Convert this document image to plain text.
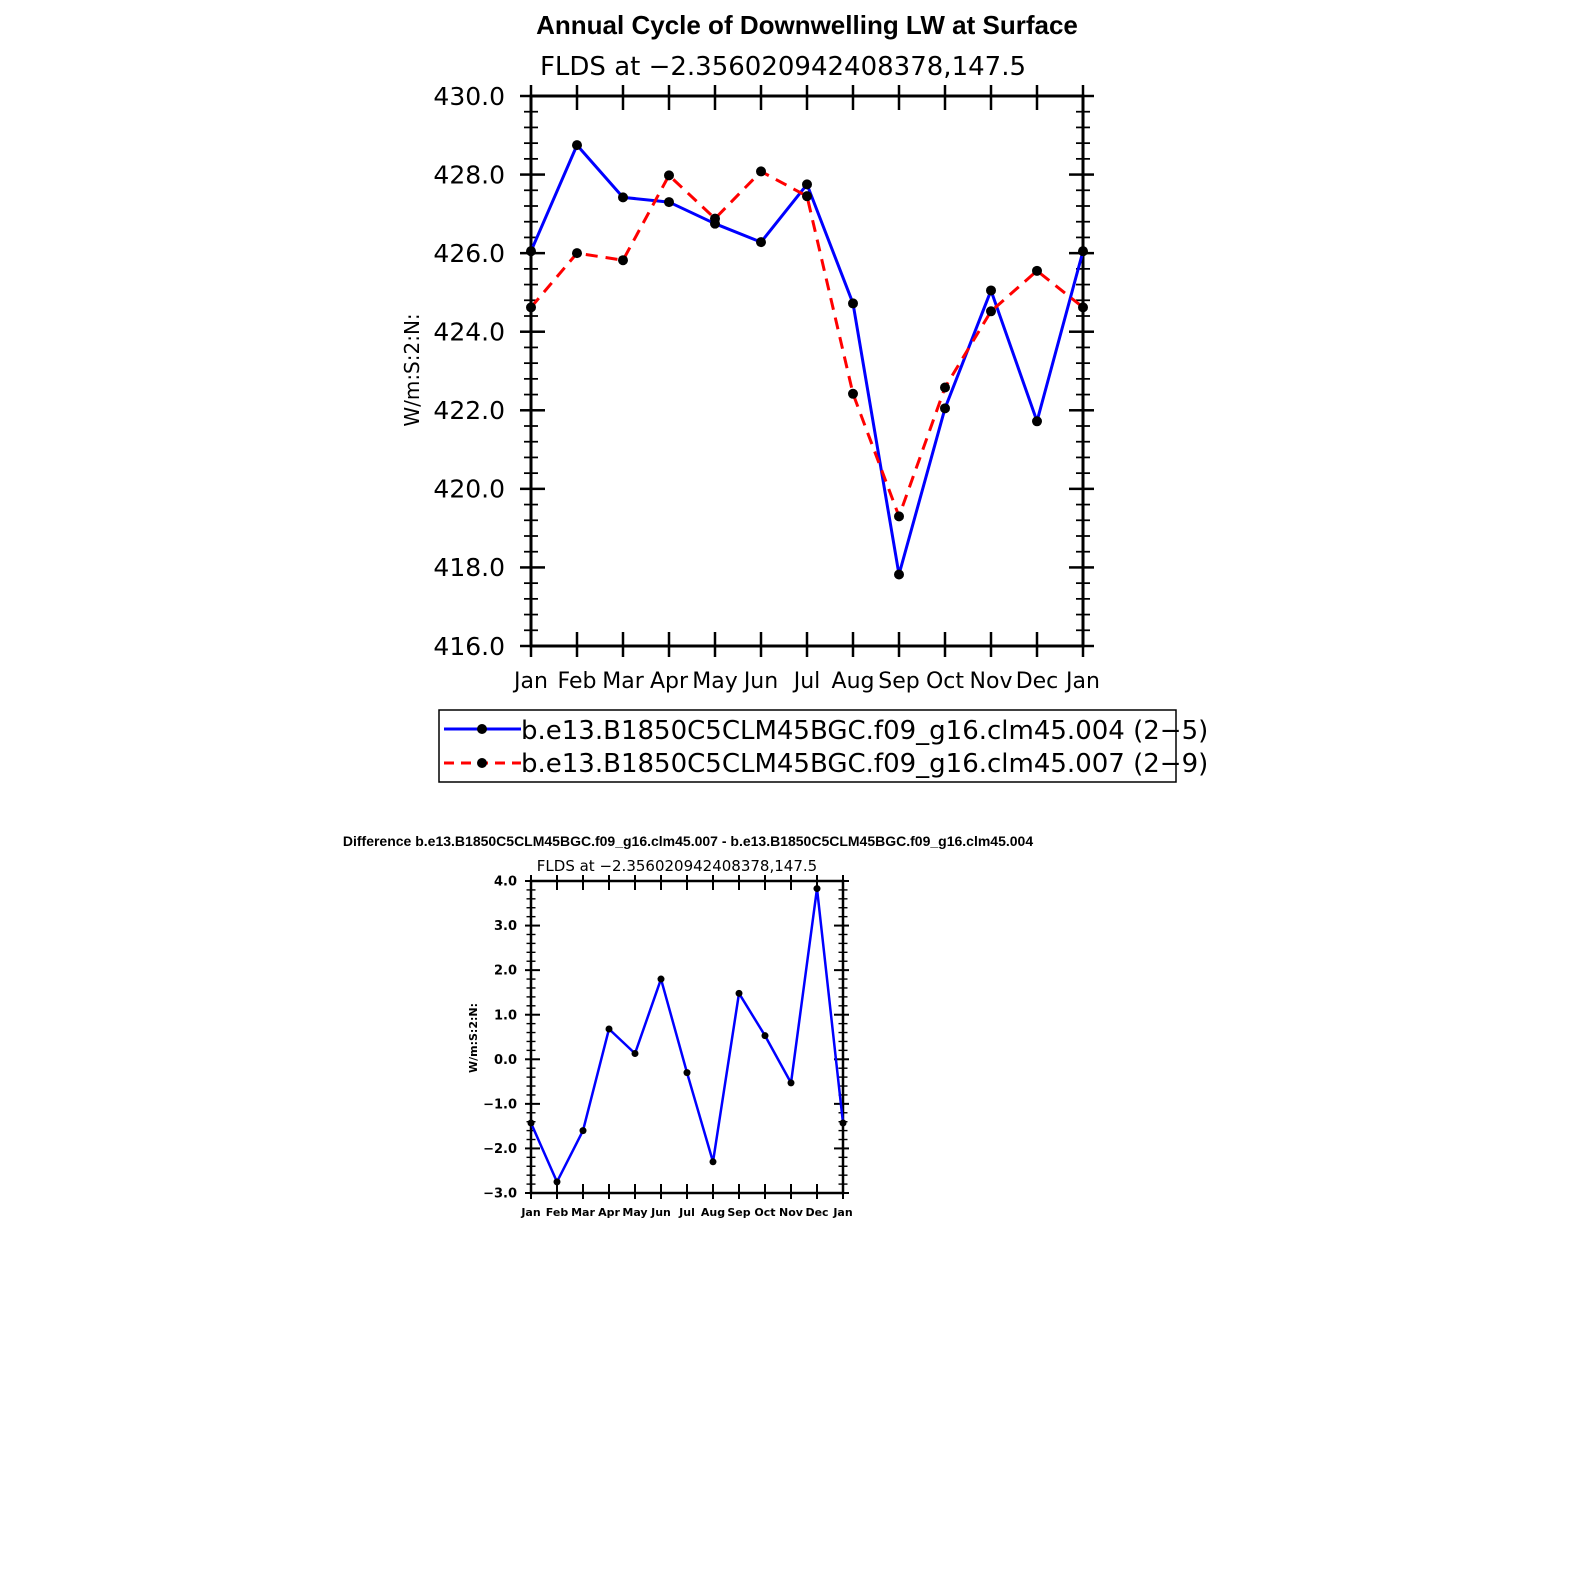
Annual Cycle of Downwelling LW at Surface
FLDS at −2.356020942408378,147.5
W/m:S:2:N:
Jan Feb Mar Apr May Jun Jul Aug Sep Oct Nov Dec Jan
416.0
418.0
420.0
422.0
424.0
426.0
428.0
430.0
b.e13.B1850C5CLM45BGC.f09_g16.clm45.004 (2−5)
b.e13.B1850C5CLM45BGC.f09_g16.clm45.007 (2−9)
Difference b.e13.B1850C5CLM45BGC.f09_g16.clm45.007 - b.e13.B1850C5CLM45BGC.f09_g16.clm45.004
FLDS at −2.356020942408378,147.5
W/m:S:2:N:
Jan Feb Mar Apr May Jun Jul Aug Sep Oct Nov Dec Jan
−3.0
−2.0
−1.0
0.0
1.0
2.0
3.0
4.0
